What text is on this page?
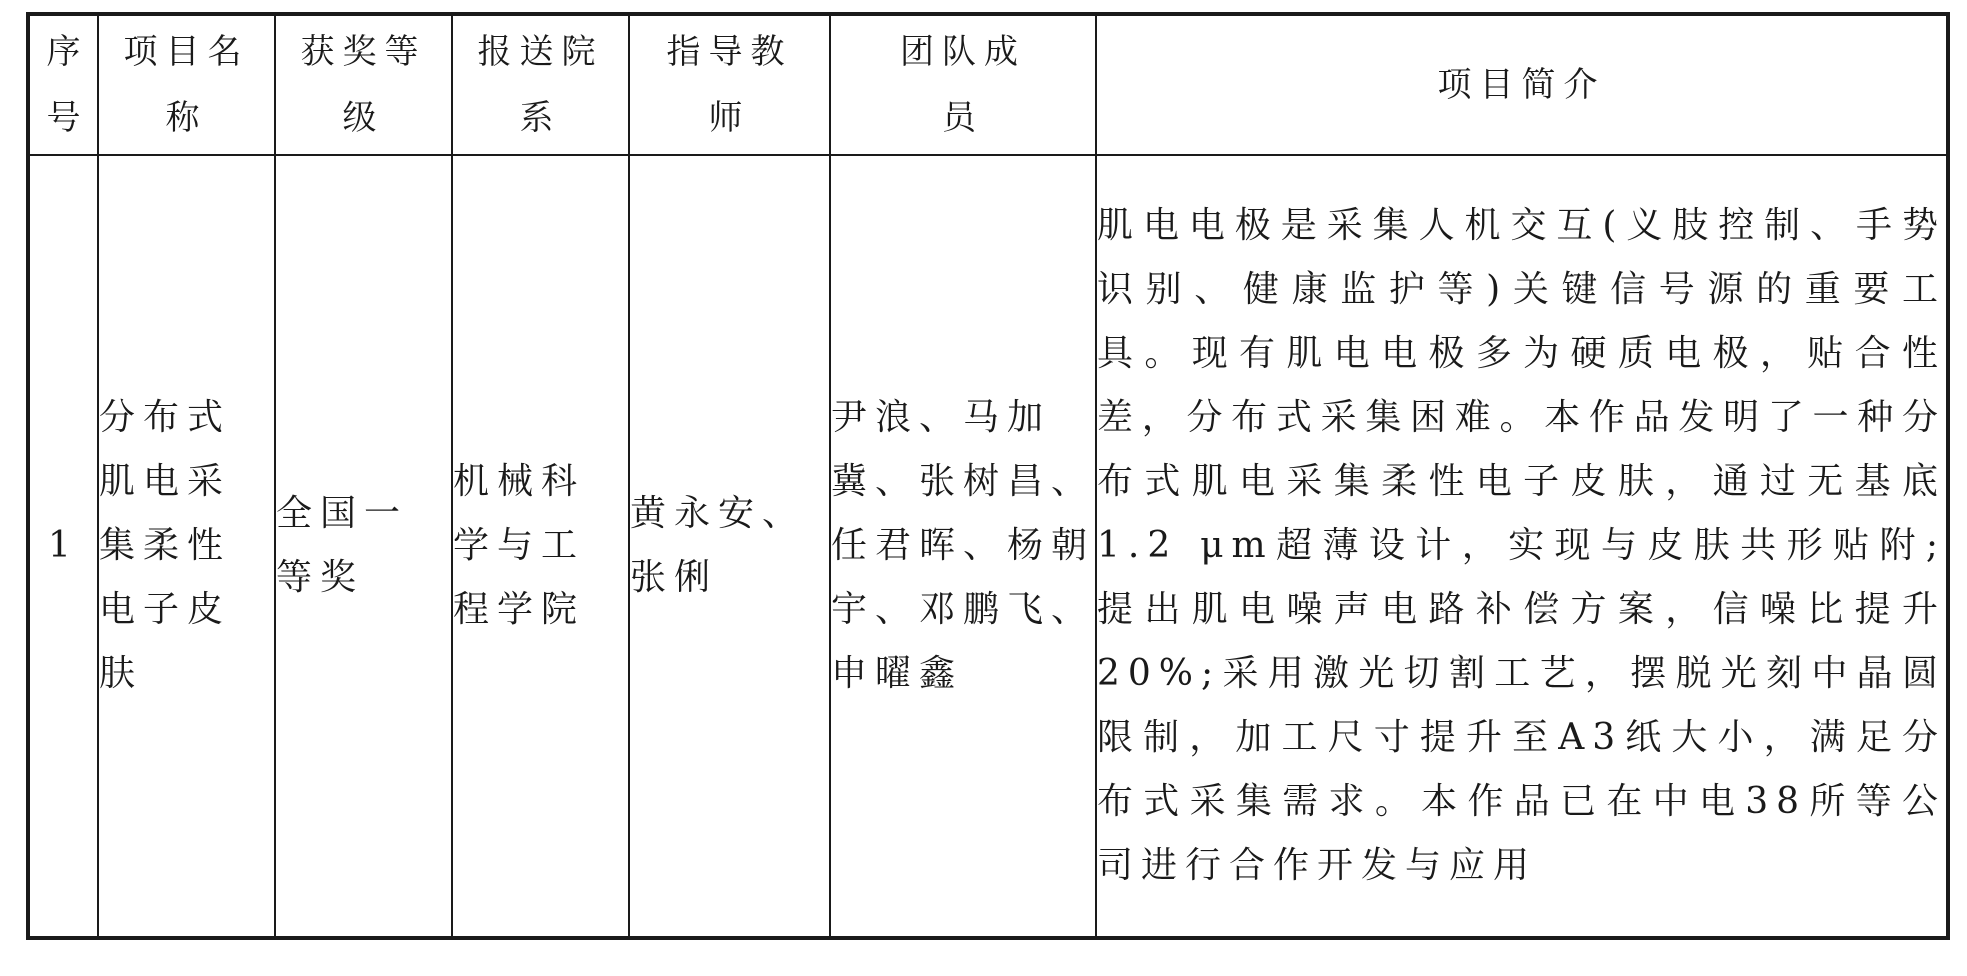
序号	项目名称	获奖等级	报送院系	指导教师	团队成员	项目简介
1	分布式肌电采集柔性电子皮肤	全国一等奖	机械科学与工程学院	黄永安、张俐	尹浪、马加冀、张树昌、任君晖、杨朝宇、邓鹏飞、申曜鑫	肌电电极是采集人机交互(义肢控制、手势识别、健康监护等)关键信号源的重要工具。现有肌电电极多为硬质电极，贴合性差，分布式采集困难。本作品发明了一种分布式肌电采集柔性电子皮肤，通过无基底1.2 μm超薄设计，实现与皮肤共形贴附;提出肌电噪声电路补偿方案，信噪比提升20%;采用激光切割工艺，摆脱光刻中晶圆限制，加工尺寸提升至A3纸大小，满足分布式采集需求。本作品已在中电38所等公司进行合作开发与应用
